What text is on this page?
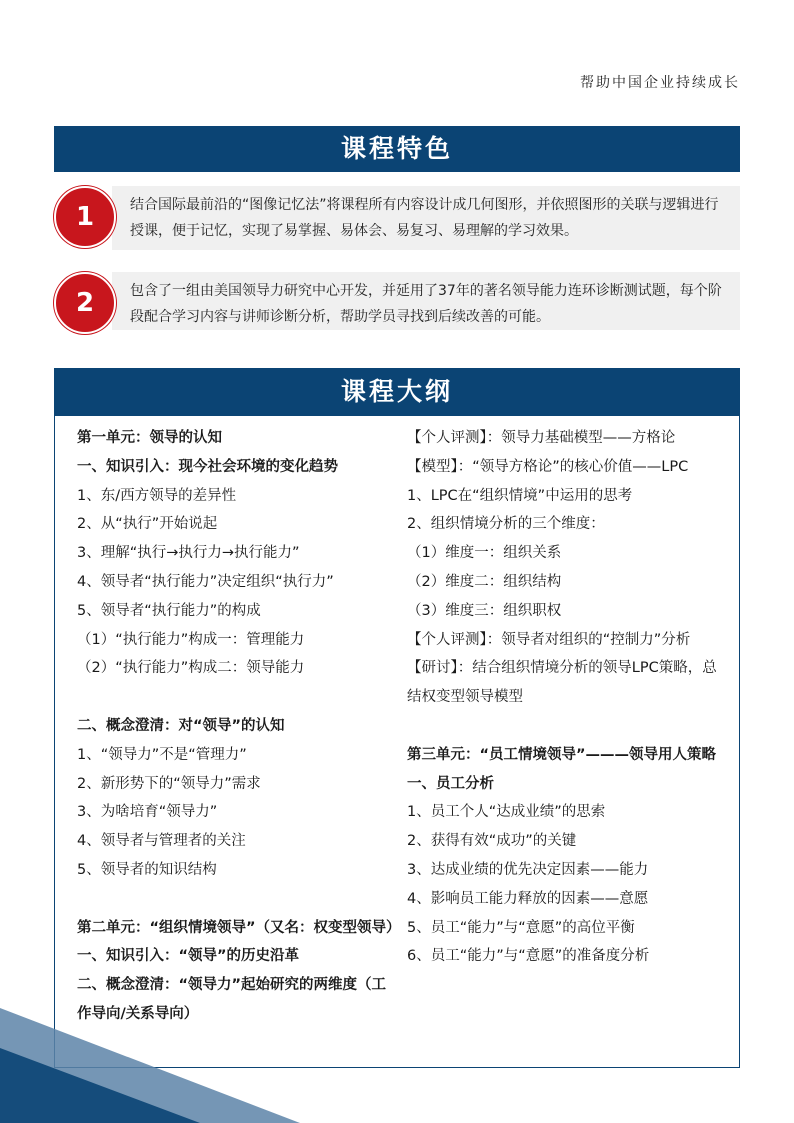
帮助中国企业持续成长
课程特色
结合国际最前沿的“图像记忆法”将课程所有内容设计成几何图形，并依照图形的关联与逻辑进行授课，便于记忆，实现了易掌握、易体会、易复习、易理解的学习效果。
1
包含了一组由美国领导力研究中心开发，并延用了37年的著名领导能力连环诊断测试题，每个阶段配合学习内容与讲师诊断分析，帮助学员寻找到后续改善的可能。
2
课程大纲
第一单元：领导的认知
一、知识引入：现今社会环境的变化趋势
1、东/西方领导的差异性
2、从“执行”开始说起
3、理解“执行→执行力→执行能力”
4、领导者“执行能力”决定组织“执行力”
5、领导者“执行能力”的构成
（1）“执行能力”构成一：管理能力
（2）“执行能力”构成二：领导能力
二、概念澄清：对“领导”的认知
1、“领导力”不是“管理力”
2、新形势下的“领导力”需求
3、为啥培育“领导力”
4、领导者与管理者的关注
5、领导者的知识结构
第二单元：“组织情境领导”（又名：权变型领导）
一、知识引入：“领导”的历史沿革
二、概念澄清：“领导力”起始研究的两维度（工作导向/关系导向）
【个人评测】：领导力基础模型——方格论
【模型】：“领导方格论”的核心价值——LPC
1、LPC在“组织情境”中运用的思考
2、组织情境分析的三个维度：
（1）维度一：组织关系
（2）维度二：组织结构
（3）维度三：组织职权
【个人评测】：领导者对组织的“控制力”分析
【研讨】：结合组织情境分析的领导LPC策略，总结权变型领导模型
第三单元：“员工情境领导”———领导用人策略
一、员工分析
1、员工个人“达成业绩”的思索
2、获得有效“成功”的关键
3、达成业绩的优先决定因素——能力
4、影响员工能力释放的因素——意愿
5、员工“能力”与“意愿”的高位平衡
6、员工“能力”与“意愿”的准备度分析
